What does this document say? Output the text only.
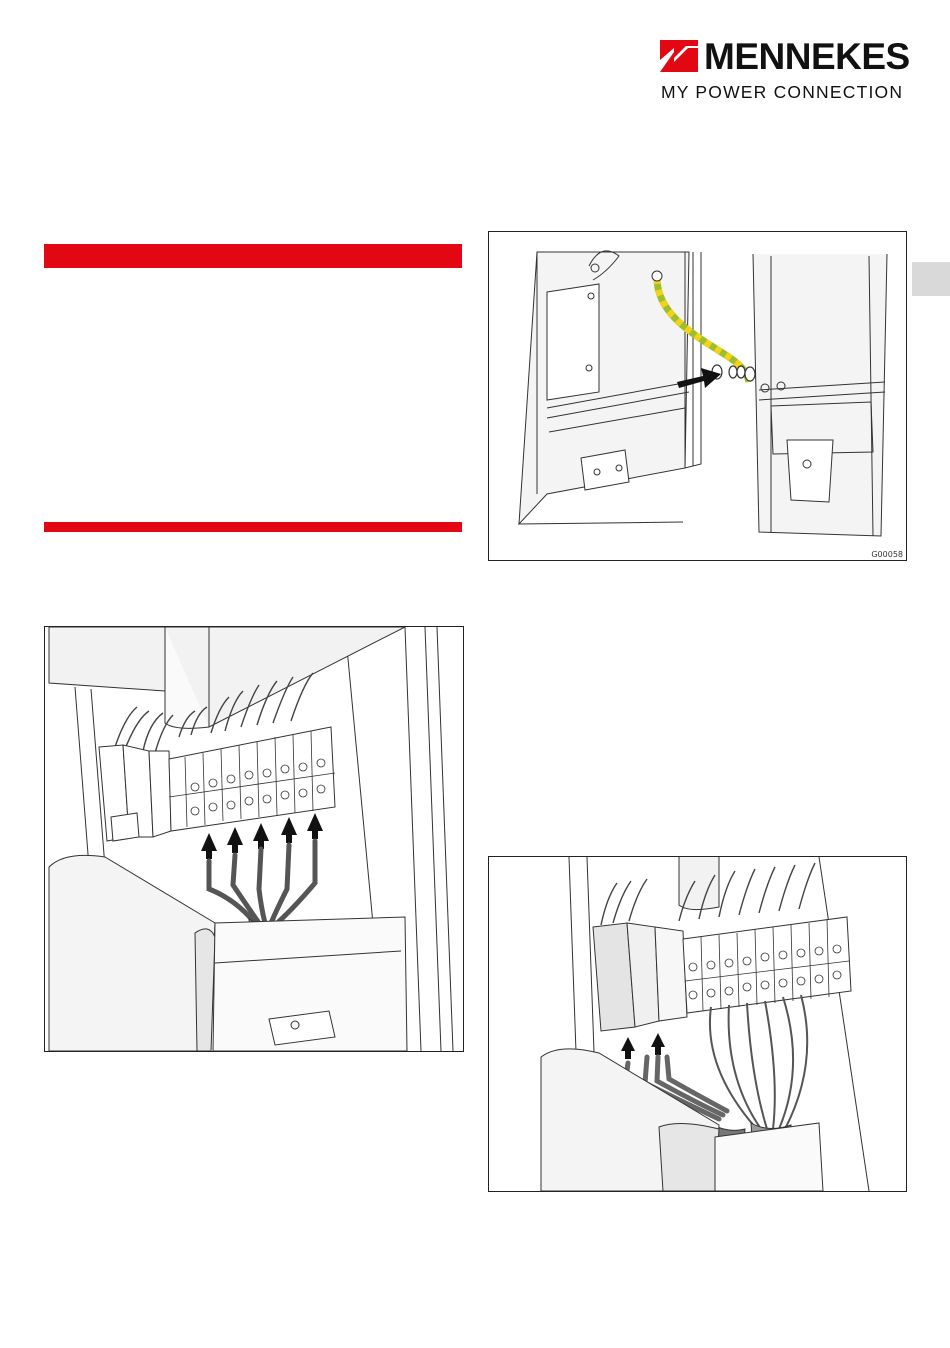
MENNEKES
MY POWER CONNECTION
G00058
